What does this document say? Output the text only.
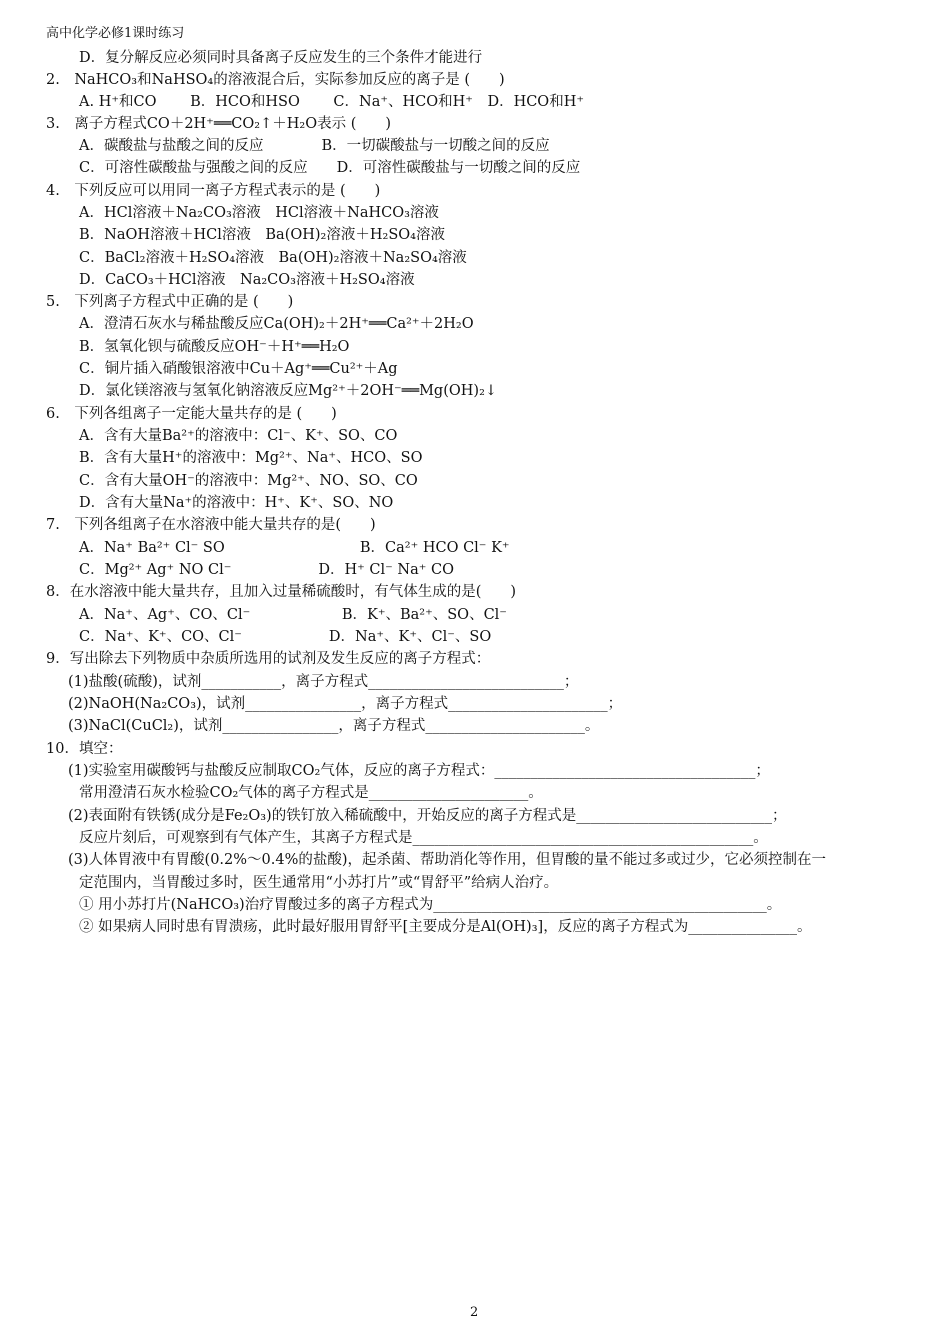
高中化学必修1课时练习
D．复分解反应必须同时具备离子反应发生的三个条件才能进行
2.　NaHCO₃和NaHSO₄的溶液混合后，实际参加反应的离子是 (　　)
A. H⁺和CO　　 B．HCO和HSO　　 C．Na⁺、HCO和H⁺　D．HCO和H⁺
3.　离子方程式CO＋2H⁺══CO₂↑＋H₂O表示 (　　)
A．碳酸盐与盐酸之间的反应　　　　B．一切碳酸盐与一切酸之间的反应
C．可溶性碳酸盐与强酸之间的反应　　D．可溶性碳酸盐与一切酸之间的反应
4.　下列反应可以用同一离子方程式表示的是 (　　)
A．HCl溶液＋Na₂CO₃溶液　HCl溶液＋NaHCO₃溶液
B．NaOH溶液＋HCl溶液　Ba(OH)₂溶液＋H₂SO₄溶液
C．BaCl₂溶液＋H₂SO₄溶液　Ba(OH)₂溶液＋Na₂SO₄溶液
D．CaCO₃＋HCl溶液　Na₂CO₃溶液＋H₂SO₄溶液
5.　下列离子方程式中正确的是 (　　)
A．澄清石灰水与稀盐酸反应Ca(OH)₂＋2H⁺══Ca²⁺＋2H₂O
B．氢氧化钡与硫酸反应OH⁻＋H⁺══H₂O
C．铜片插入硝酸银溶液中Cu＋Ag⁺══Cu²⁺＋Ag
D．氯化镁溶液与氢氧化钠溶液反应Mg²⁺＋2OH⁻══Mg(OH)₂↓
6.　下列各组离子一定能大量共存的是 (　　)
A．含有大量Ba²⁺的溶液中：Cl⁻、K⁺、SO、CO
B．含有大量H⁺的溶液中：Mg²⁺、Na⁺、HCO、SO
C．含有大量OH⁻的溶液中：Mg²⁺、NO、SO、CO
D．含有大量Na⁺的溶液中：H⁺、K⁺、SO、NO
7.　下列各组离子在水溶液中能大量共存的是(　　)
A．Na⁺ Ba²⁺ Cl⁻ SO　　　　　　　　　 B．Ca²⁺ HCO Cl⁻ K⁺
C．Mg²⁺ Ag⁺ NO Cl⁻　　　　　　D．H⁺ Cl⁻ Na⁺ CO
8．在水溶液中能大量共存，且加入过量稀硫酸时，有气体生成的是(　　)
A．Na⁺、Ag⁺、CO、Cl⁻　　　　　　 B．K⁺、Ba²⁺、SO、Cl⁻
C．Na⁺、K⁺、CO、Cl⁻　　　　　　D．Na⁺、K⁺、Cl⁻、SO
9．写出除去下列物质中杂质所选用的试剂及发生反应的离子方程式：
(1)盐酸(硫酸)，试剂___________，离子方程式___________________________；
(2)NaOH(Na₂CO₃)，试剂________________，离子方程式______________________；
(3)NaCl(CuCl₂)，试剂________________，离子方程式______________________。
10．填空：
(1)实验室用碳酸钙与盐酸反应制取CO₂气体，反应的离子方程式：____________________________________；
常用澄清石灰水检验CO₂气体的离子方程式是______________________。
(2)表面附有铁锈(成分是Fe₂O₃)的铁钉放入稀硫酸中，开始反应的离子方程式是___________________________；
反应片刻后，可观察到有气体产生，其离子方程式是_______________________________________________。
(3)人体胃液中有胃酸(0.2%～0.4%的盐酸)，起杀菌、帮助消化等作用，但胃酸的量不能过多或过少，它必须控制在一
定范围内，当胃酸过多时，医生通常用“小苏打片”或“胃舒平”给病人治疗。
① 用小苏打片(NaHCO₃)治疗胃酸过多的离子方程式为______________________________________________。
② 如果病人同时患有胃溃疡，此时最好服用胃舒平[主要成分是Al(OH)₃]，反应的离子方程式为_______________。
2
